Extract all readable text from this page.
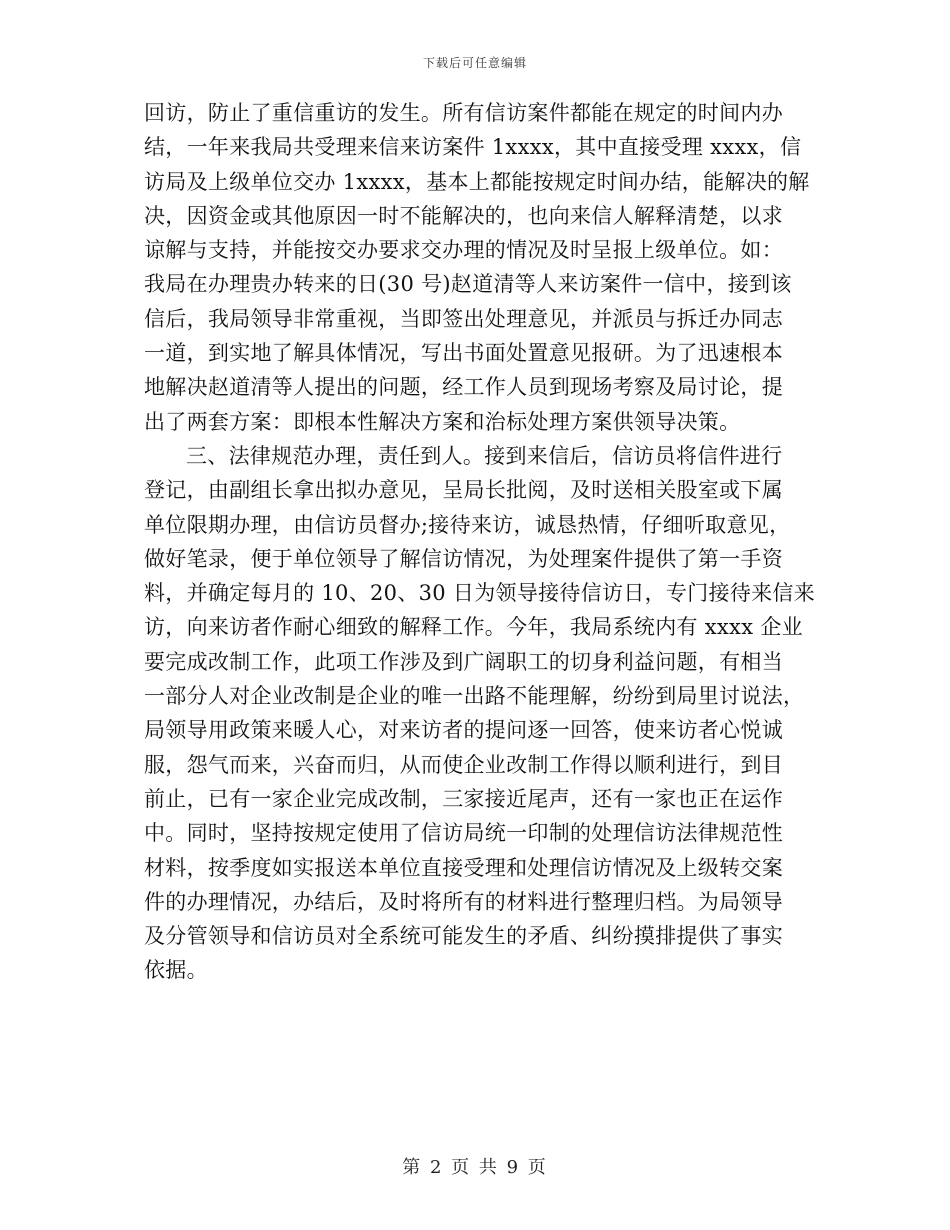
下载后可任意编辑
回访，防止了重信重访的发生。所有信访案件都能在规定的时间内办
结，一年来我局共受理来信来访案件 1xxxx，其中直接受理 xxxx，信
访局及上级单位交办 1xxxx，基本上都能按规定时间办结，能解决的解
决，因资金或其他原因一时不能解决的，也向来信人解释清楚，以求
谅解与支持，并能按交办要求交办理的情况及时呈报上级单位。如：
我局在办理贵办转来的日(30 号)赵道清等人来访案件一信中，接到该
信后，我局领导非常重视，当即签出处理意见，并派员与拆迁办同志
一道，到实地了解具体情况，写出书面处置意见报研。为了迅速根本
地解决赵道清等人提出的问题，经工作人员到现场考察及局讨论，提
出了两套方案：即根本性解决方案和治标处理方案供领导决策。
三、法律规范办理，责任到人。接到来信后，信访员将信件进行
登记，由副组长拿出拟办意见，呈局长批阅，及时送相关股室或下属
单位限期办理，由信访员督办;接待来访，诚恳热情，仔细听取意见，
做好笔录，便于单位领导了解信访情况，为处理案件提供了第一手资
料，并确定每月的 10、20、30 日为领导接待信访日，专门接待来信来
访，向来访者作耐心细致的解释工作。今年，我局系统内有 xxxx 企业
要完成改制工作，此项工作涉及到广阔职工的切身利益问题，有相当
一部分人对企业改制是企业的唯一出路不能理解，纷纷到局里讨说法，
局领导用政策来暖人心，对来访者的提问逐一回答，使来访者心悦诚
服，怨气而来，兴奋而归，从而使企业改制工作得以顺利进行，到目
前止，已有一家企业完成改制，三家接近尾声，还有一家也正在运作
中。同时，坚持按规定使用了信访局统一印制的处理信访法律规范性
材料，按季度如实报送本单位直接受理和处理信访情况及上级转交案
件的办理情况，办结后，及时将所有的材料进行整理归档。为局领导
及分管领导和信访员对全系统可能发生的矛盾、纠纷摸排提供了事实
依据。
第 2 页 共 9 页
